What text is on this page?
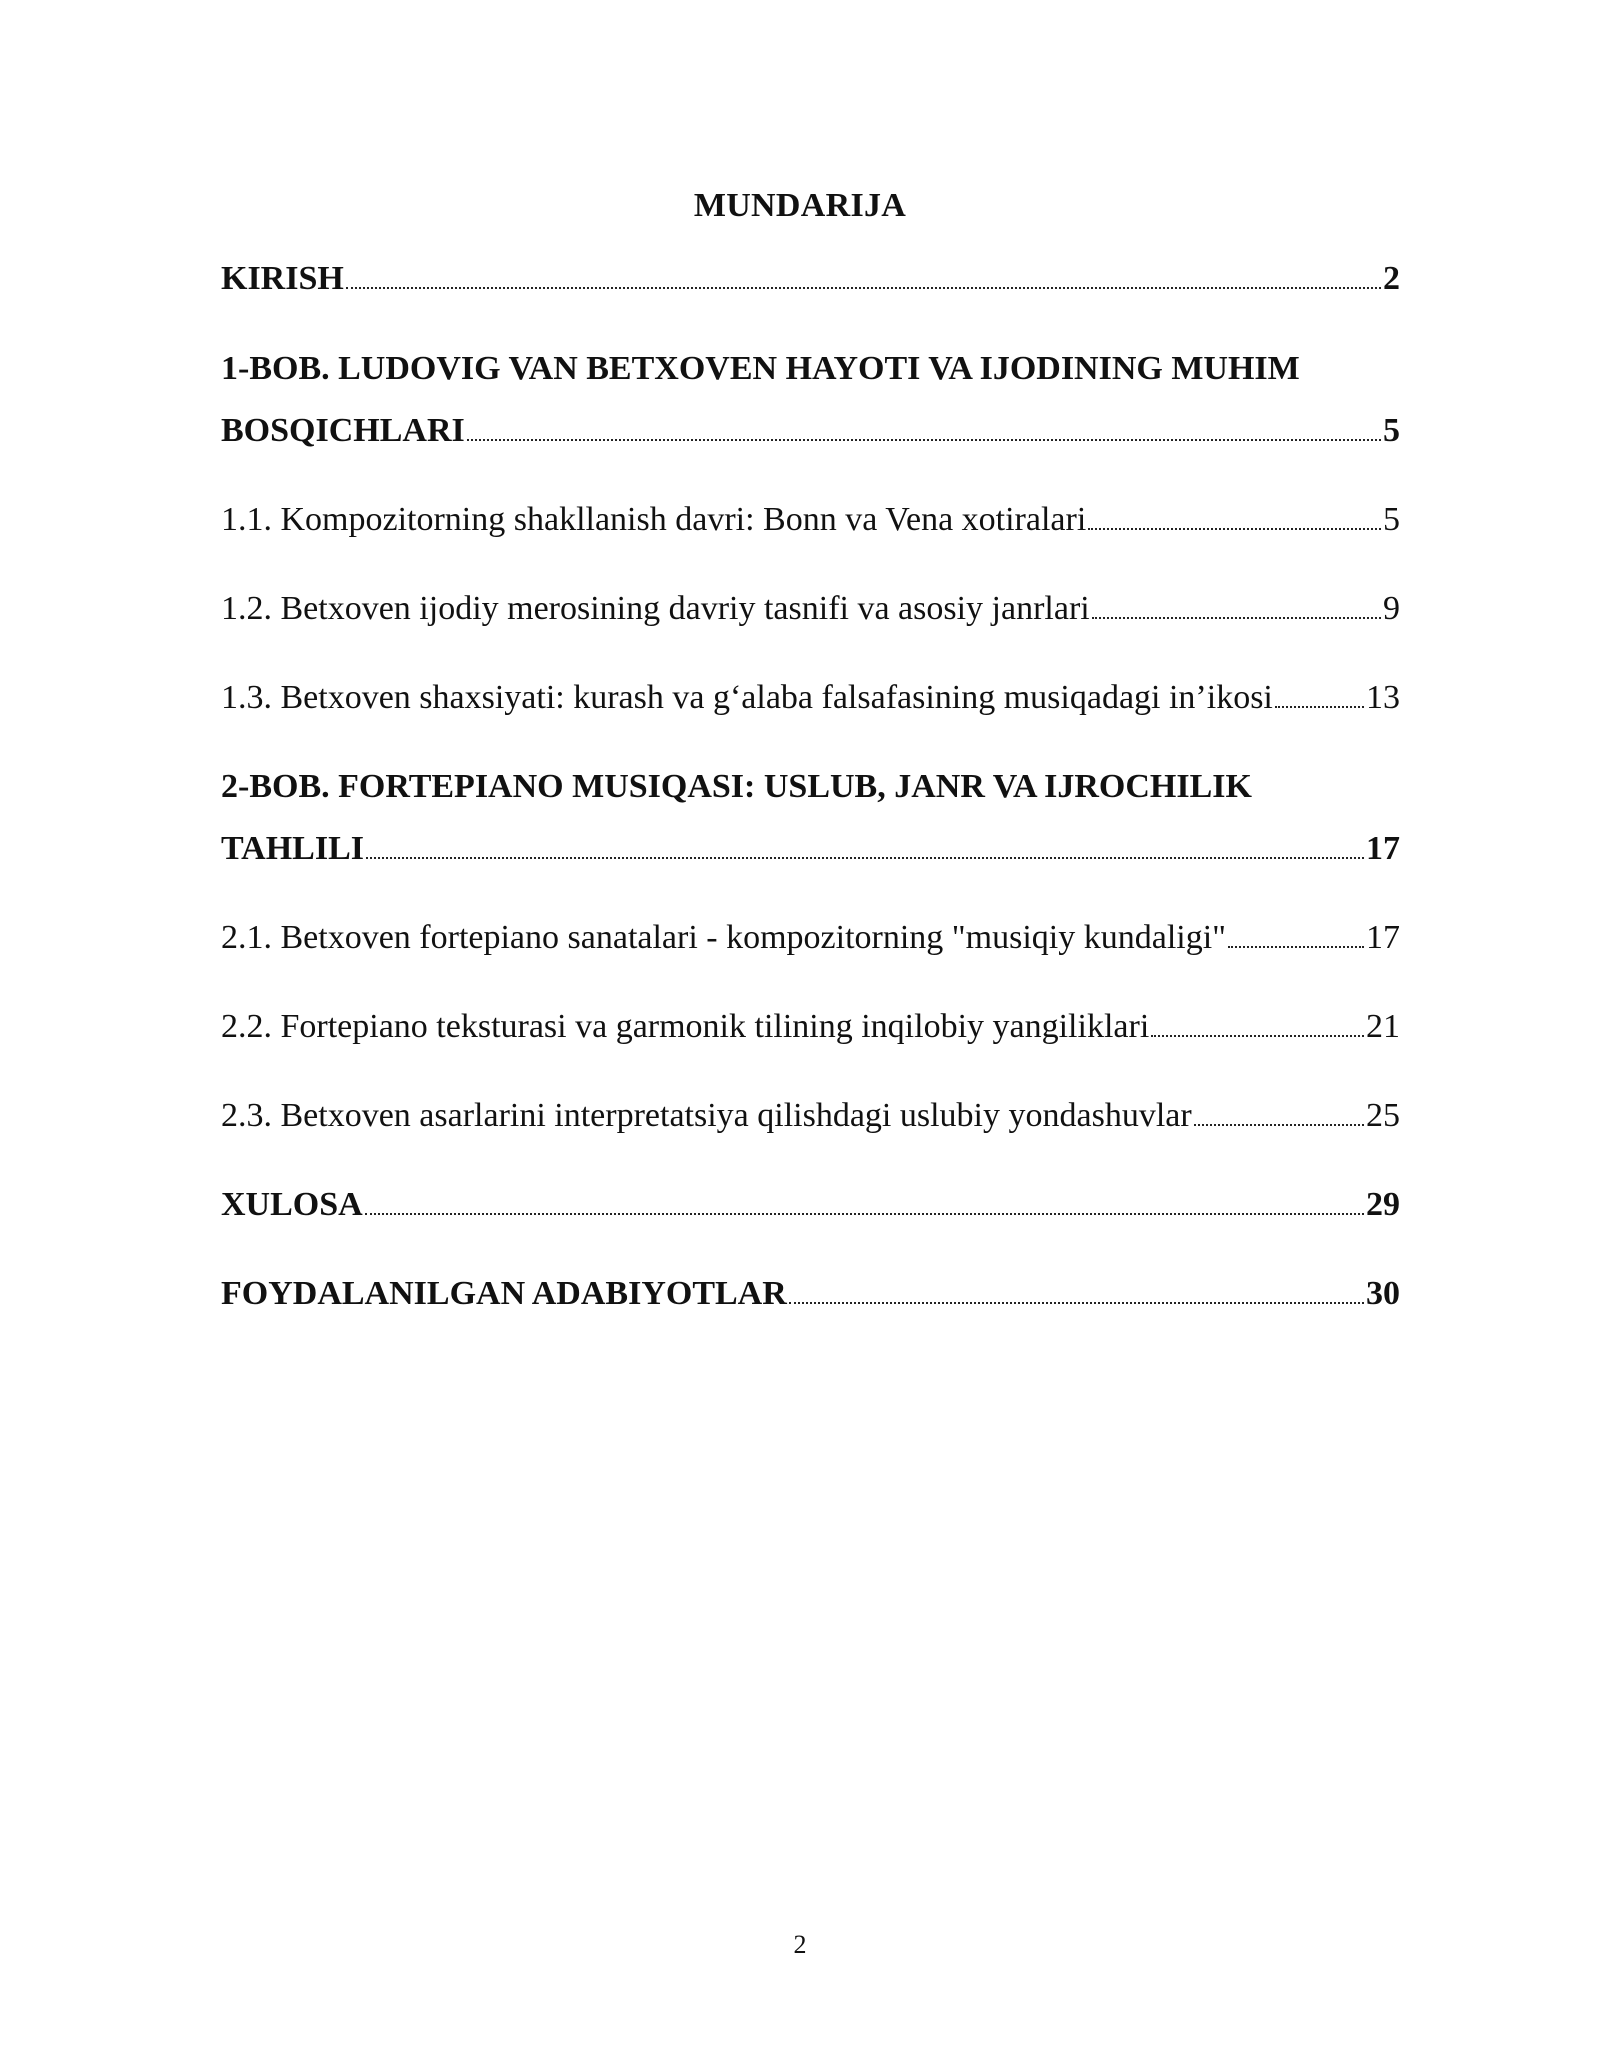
MUNDARIJA
KIRISH	2
1-BOB. LUDOVIG VAN BETXOVEN HAYOTI VA IJODINING MUHIM
BOSQICHLARI	5
1.1. Kompozitorning shakllanish davri: Bonn va Vena xotiralari	5
1.2. Betxoven ijodiy merosining davriy tasnifi va asosiy janrlari	9
1.3. Betxoven shaxsiyati: kurash va g‘alaba falsafasining musiqadagi in’ikosi	13
2-BOB. FORTEPIANO MUSIQASI: USLUB, JANR VA IJROCHILIK
TAHLILI	17
2.1. Betxoven fortepiano sanatalari - kompozitorning "musiqiy kundaligi"	17
2.2. Fortepiano teksturasi va garmonik tilining inqilobiy yangiliklari	21
2.3. Betxoven asarlarini interpretatsiya qilishdagi uslubiy yondashuvlar	25
XULOSA	29
FOYDALANILGAN ADABIYOTLAR	30
2
